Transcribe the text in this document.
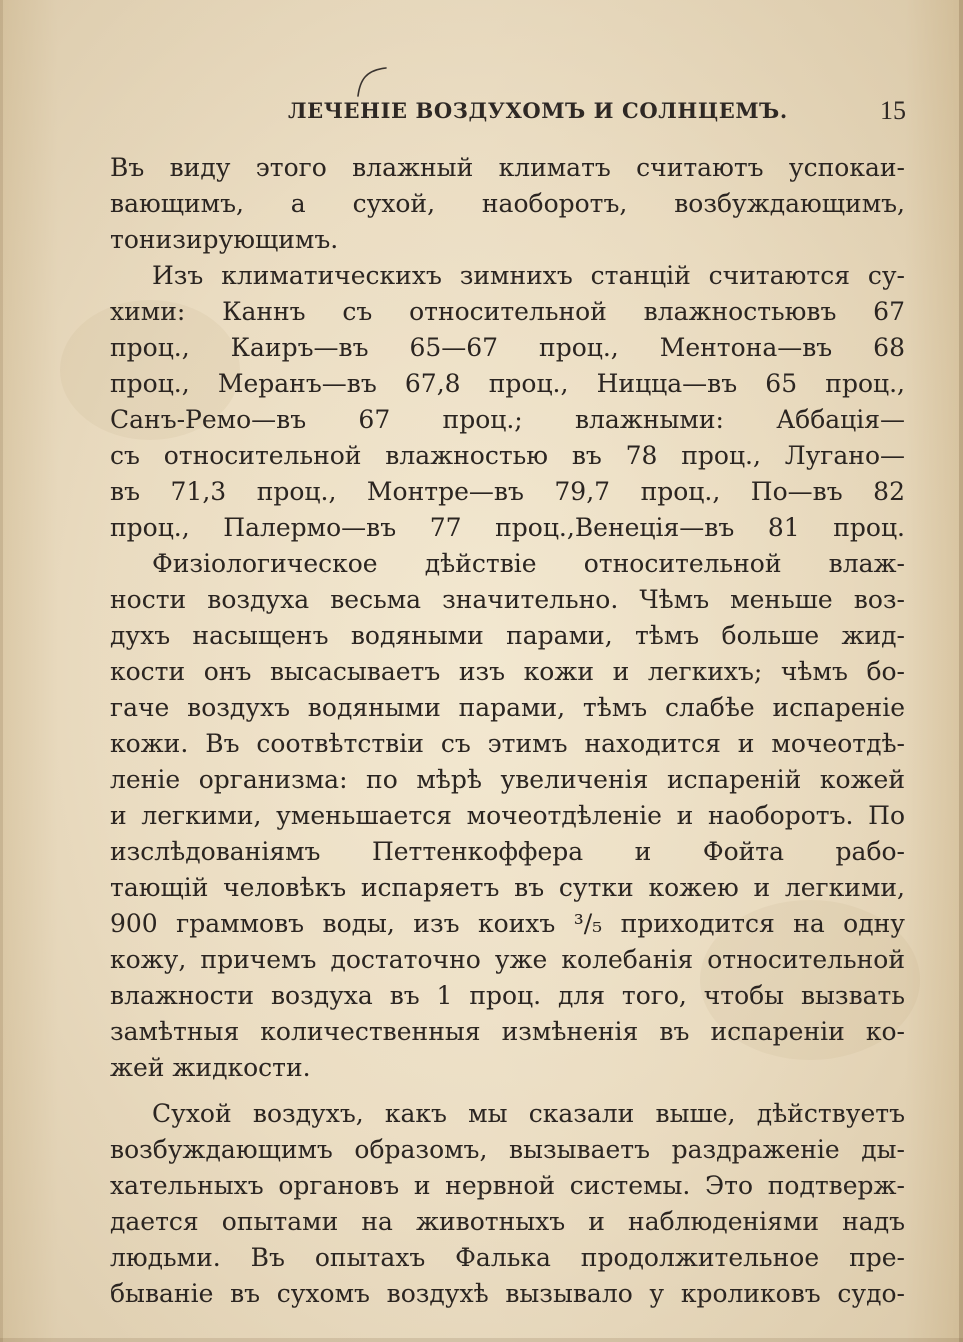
ЛЕЧЕНІЕ ВОЗДУХОМЪ И СОЛНЦЕМЪ.	15
Въ виду этого влажный климатъ считаютъ успокаи-
вающимъ, а сухой, наоборотъ, возбуждающимъ,
тонизирующимъ.
Изъ климатическихъ зимнихъ станцій считаются су-
хими: Каннъ съ относительной влажностьювъ 67
проц., Каиръ—въ 65—67 проц., Ментона—въ 68
проц., Меранъ—въ 67,8 проц., Ницца—въ 65 проц.,
Санъ-Ремо—въ 67 проц.; влажными: Аббація—
съ относительной влажностью въ 78 проц., Лугано—
въ 71,3 проц., Монтре—въ 79,7 проц., По—въ 82
проц., Палермо—въ 77 проц.,Венеція—въ 81 проц.
Физіологическое дѣйствіе относительной влаж-
ности воздуха весьма значительно. Чѣмъ меньше воз-
духъ насыщенъ водяными парами, тѣмъ больше жид-
кости онъ высасываетъ изъ кожи и легкихъ; чѣмъ бо-
гаче воздухъ водяными парами, тѣмъ слабѣе испареніе
кожи. Въ соотвѣтствіи съ этимъ находится и мочеотдѣ-
леніе организма: по мѣрѣ увеличенія испареній кожей
и легкими, уменьшается мочеотдѣленіе и наоборотъ. По
изслѣдованіямъ Петтенкоффера и Фойта рабо-
тающій человѣкъ испаряетъ въ сутки кожею и легкими,
900 граммовъ воды, изъ коихъ ³/₅ приходится на одну
кожу, причемъ достаточно уже колебанія относительной
влажности воздуха въ 1 проц. для того, чтобы вызвать
замѣтныя количественныя измѣненія въ испареніи ко-
жей жидкости.
Сухой воздухъ, какъ мы сказали выше, дѣйствуетъ
возбуждающимъ образомъ, вызываетъ раздраженіе ды-
хательныхъ органовъ и нервной системы. Это подтверж-
дается опытами на животныхъ и наблюденіями надъ
людьми. Въ опытахъ Фалька продолжительное пре-
бываніе въ сухомъ воздухѣ вызывало у кроликовъ судо-
